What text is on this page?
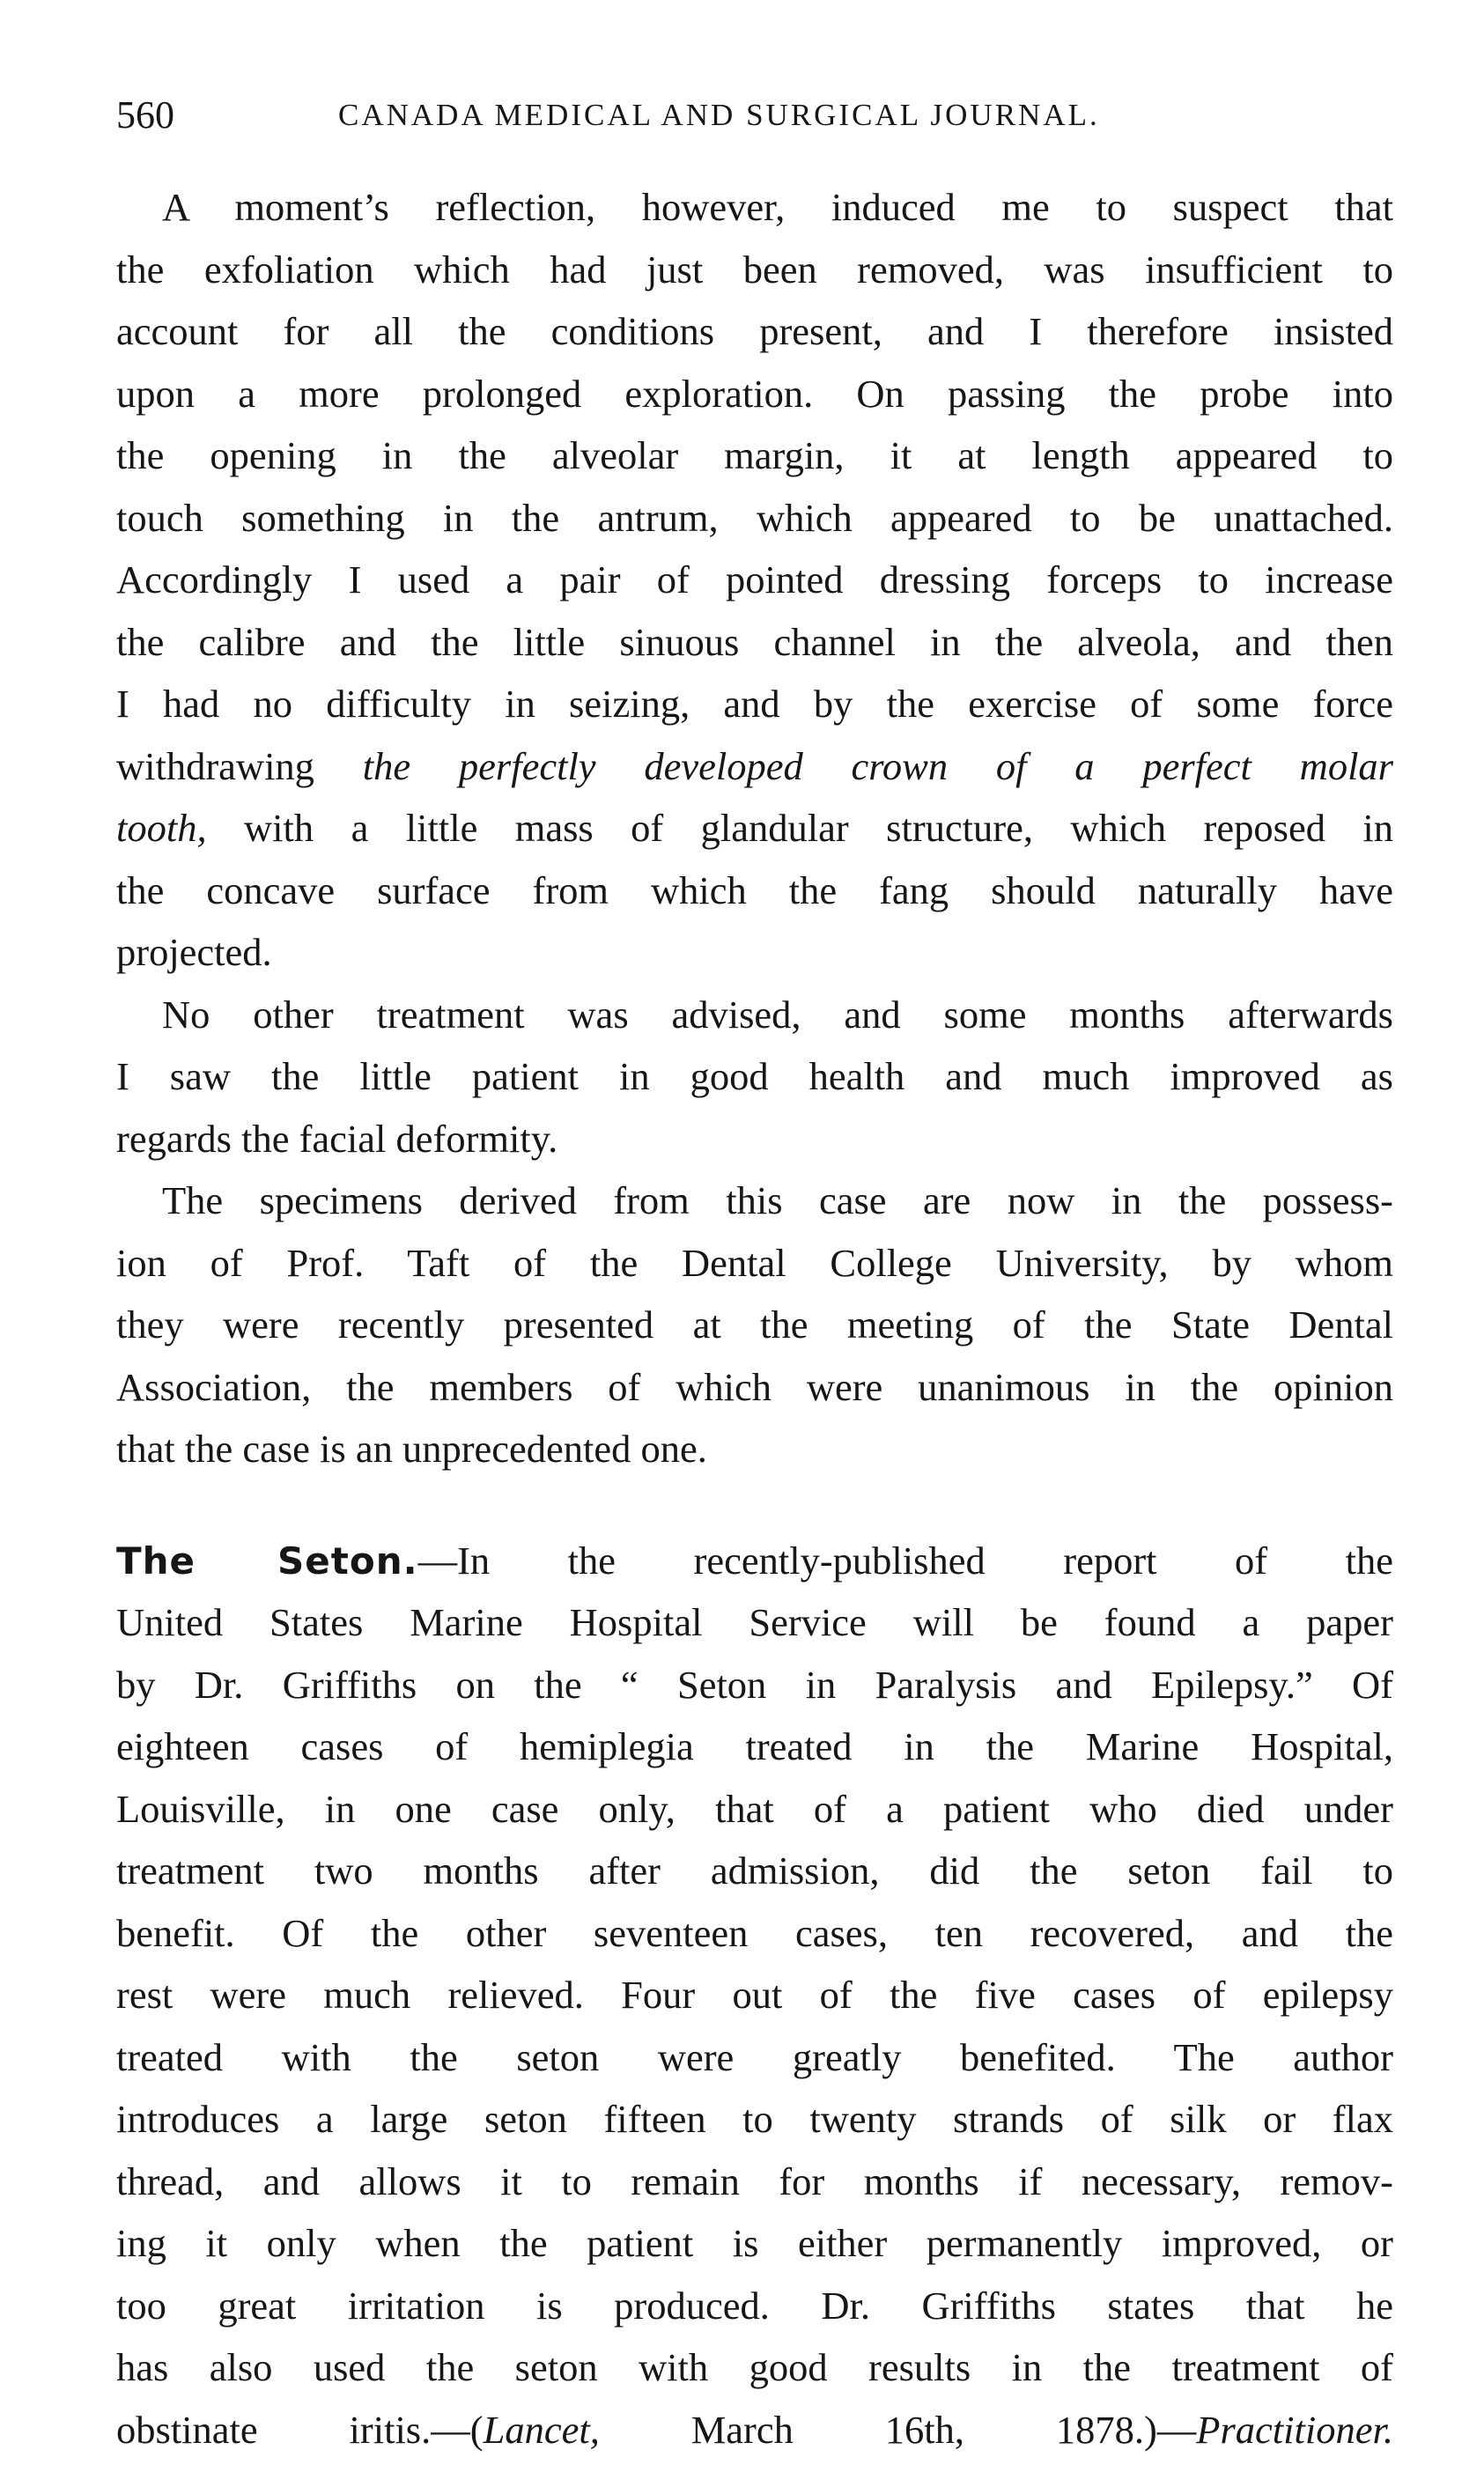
560	CANADA MEDICAL AND SURGICAL JOURNAL.
A moment’s reflection, however, induced me to suspect that
the exfoliation which had just been removed, was insufficient to
account for all the conditions present, and I therefore insisted
upon a more prolonged exploration. On passing the probe into
the opening in the alveolar margin, it at length appeared to
touch something in the antrum, which appeared to be unattached.
Accordingly I used a pair of pointed dressing forceps to increase
the calibre and the little sinuous channel in the alveola, and then
I had no difficulty in seizing, and by the exercise of some force
withdrawing the perfectly developed crown of a perfect molar
tooth, with a little mass of glandular structure, which reposed in
the concave surface from which the fang should naturally have
projected.
No other treatment was advised, and some months afterwards
I saw the little patient in good health and much improved as
regards the facial deformity.
The specimens derived from this case are now in the possess-
ion of Prof. Taft of the Dental College University, by whom
they were recently presented at the meeting of the State Dental
Association, the members of which were unanimous in the opinion
that the case is an unprecedented one.
The Seton.—In the recently-published report of the
United States Marine Hospital Service will be found a paper
by Dr. Griffiths on the “ Seton in Paralysis and Epilepsy.” Of
eighteen cases of hemiplegia treated in the Marine Hospital,
Louisville, in one case only, that of a patient who died under
treatment two months after admission, did the seton fail to
benefit. Of the other seventeen cases, ten recovered, and the
rest were much relieved. Four out of the five cases of epilepsy
treated with the seton were greatly benefited. The author
introduces a large seton fifteen to twenty strands of silk or flax
thread, and allows it to remain for months if necessary, remov-
ing it only when the patient is either permanently improved, or
too great irritation is produced. Dr. Griffiths states that he
has also used the seton with good results in the treatment of
obstinate iritis.—(Lancet, March 16th, 1878.)—Practitioner.
